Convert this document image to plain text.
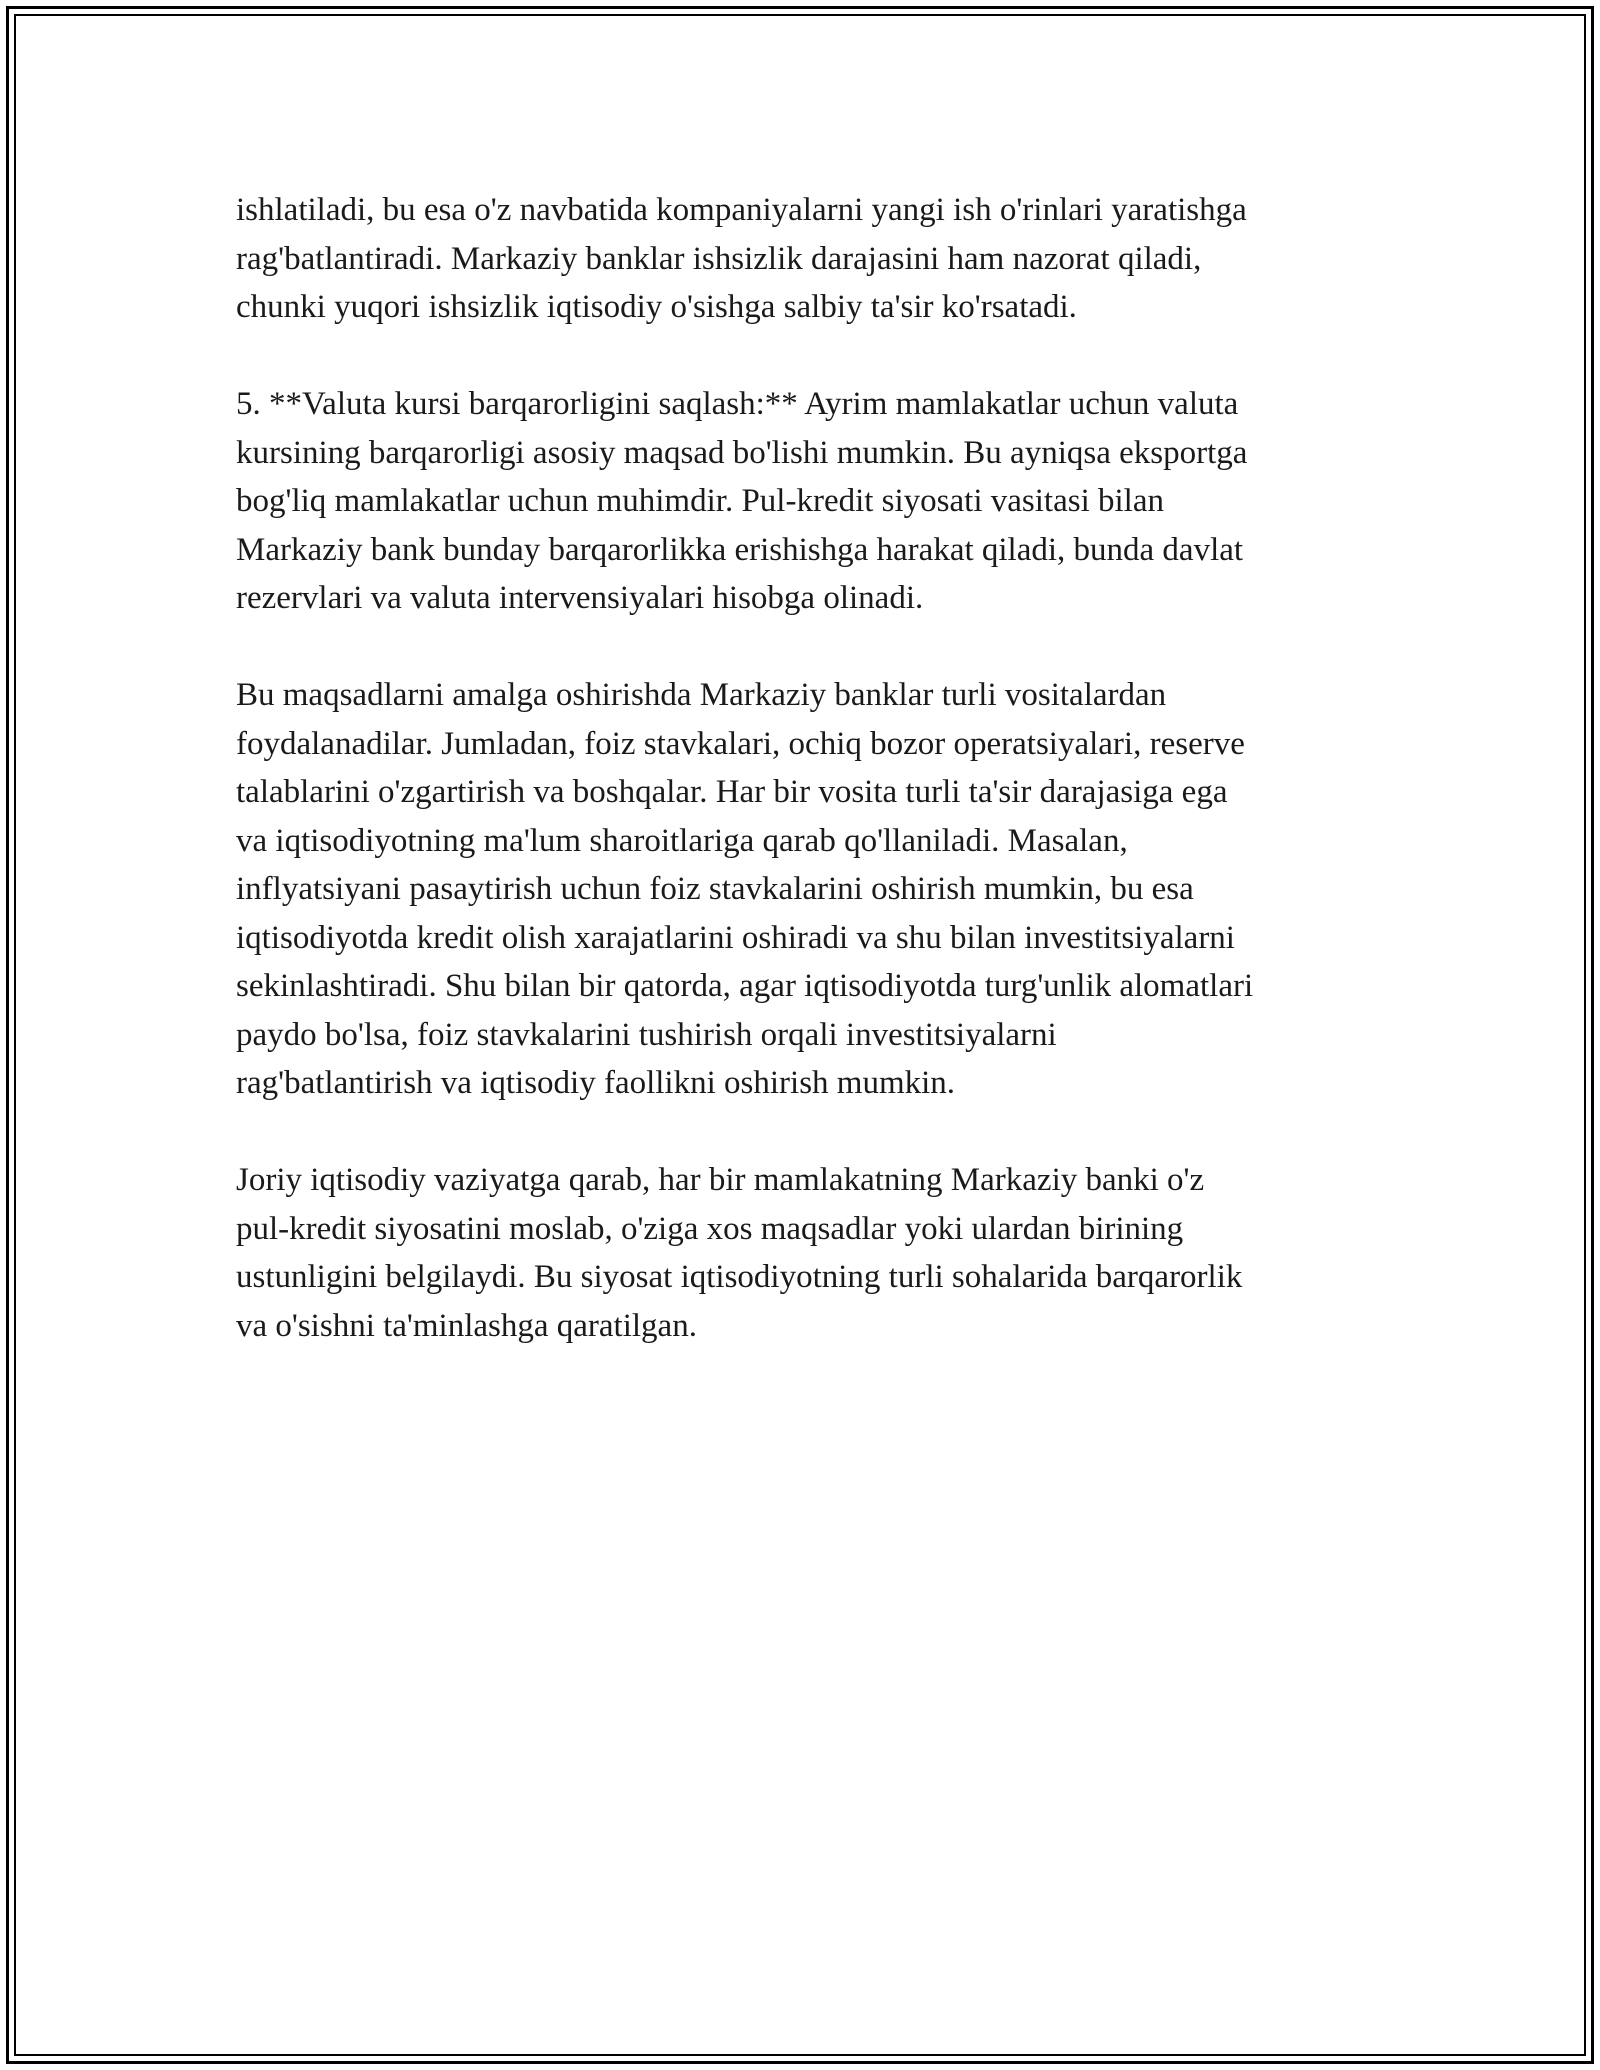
ishlatiladi, bu esa o'z navbatida kompaniyalarni yangi ish o'rinlari yaratishga
rag'batlantiradi. Markaziy banklar ishsizlik darajasini ham nazorat qiladi,
chunki yuqori ishsizlik iqtisodiy o'sishga salbiy ta'sir ko'rsatadi.

5. **Valuta kursi barqarorligini saqlash:** Ayrim mamlakatlar uchun valuta
kursining barqarorligi asosiy maqsad bo'lishi mumkin. Bu ayniqsa eksportga
bog'liq mamlakatlar uchun muhimdir. Pul-kredit siyosati vasitasi bilan
Markaziy bank bunday barqarorlikka erishishga harakat qiladi, bunda davlat
rezervlari va valuta intervensiyalari hisobga olinadi.

Bu maqsadlarni amalga oshirishda Markaziy banklar turli vositalardan
foydalanadilar. Jumladan, foiz stavkalari, ochiq bozor operatsiyalari, reserve
talablarini o'zgartirish va boshqalar. Har bir vosita turli ta'sir darajasiga ega
va iqtisodiyotning ma'lum sharoitlariga qarab qo'llaniladi. Masalan,
inflyatsiyani pasaytirish uchun foiz stavkalarini oshirish mumkin, bu esa
iqtisodiyotda kredit olish xarajatlarini oshiradi va shu bilan investitsiyalarni
sekinlashtiradi. Shu bilan bir qatorda, agar iqtisodiyotda turg'unlik alomatlari
paydo bo'lsa, foiz stavkalarini tushirish orqali investitsiyalarni
rag'batlantirish va iqtisodiy faollikni oshirish mumkin.

Joriy iqtisodiy vaziyatga qarab, har bir mamlakatning Markaziy banki o'z
pul-kredit siyosatini moslab, o'ziga xos maqsadlar yoki ulardan birining
ustunligini belgilaydi. Bu siyosat iqtisodiyotning turli sohalarida barqarorlik
va o'sishni ta'minlashga qaratilgan.
